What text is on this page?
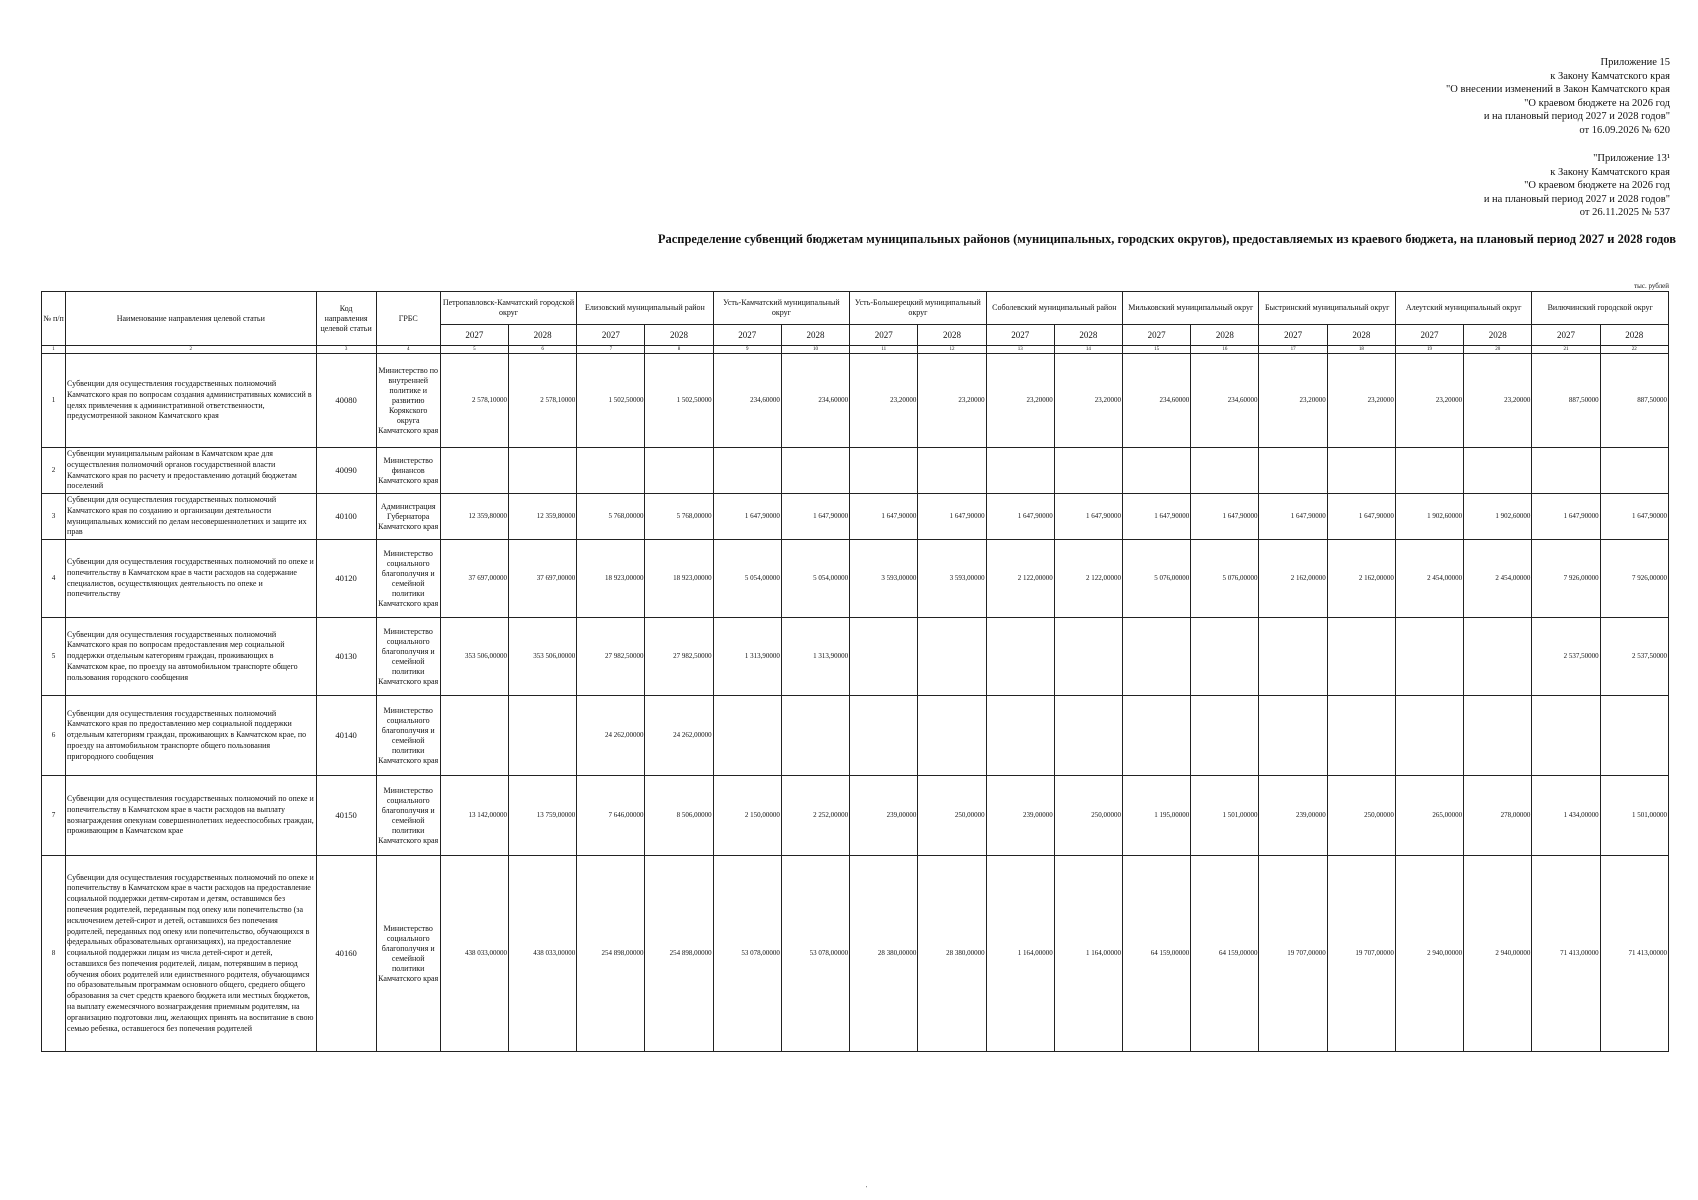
Приложение 15
к Закону Камчатского края
"О внесении изменений в Закон Камчатского края
"О краевом бюджете на 2026 год
и на плановый период 2027 и 2028 годов"
от 16.09.2026 № 620
"Приложение 13¹
к Закону Камчатского края
"О краевом бюджете на 2026 год
и на плановый период 2027 и 2028 годов"
от 26.11.2025 № 537
Распределение субвенций бюджетам муниципальных районов (муниципальных, городских округов), предоставляемых из краевого бюджета, на плановый период 2027 и 2028 годов
тыс. рублей
№ п/п	Наименование направления целевой статьи	Код направления целевой статьи	ГРБС	Петропавловск-Камчатский городской округ		Елизовский муниципальный район		Усть-Камчатский муниципальный округ		Усть-Большерецкий муниципальный округ		Соболевский муниципальный район		Мильковский муниципальный округ		Быстринский муниципальный округ		Алеутский муниципальный округ		Вилючинский городской округ	
				2027	2028	2027	2028	2027	2028	2027	2028	2027	2028	2027	2028	2027	2028	2027	2028	2027	2028
1	2	3	4	5	6	7	8	9	10	11	12	13	14	15	16	17	18	19	20	21	22
1	Субвенции для осуществления государственных полномочий Камчатского края по вопросам создания административных комиссий в целях привлечения к административной ответственности, предусмотренной законом Камчатского края	40080	Министерство по внутренней политике и развитию Корякского округа Камчатского края	2 578,10000	2 578,10000	1 502,50000	1 502,50000	234,60000	234,60000	23,20000	23,20000	23,20000	23,20000	234,60000	234,60000	23,20000	23,20000	23,20000	23,20000	887,50000	887,50000
2	Субвенции муниципальным районам в Камчатском крае для осуществления полномочий органов государственной власти Камчатского края по расчету и предоставлению дотаций бюджетам поселений	40090	Министерство финансов Камчатского края																		
3	Субвенции для осуществления государственных полномочий Камчатского края по созданию и организации деятельности муниципальных комиссий по делам несовершеннолетних и защите их прав	40100	Администрация Губернатора Камчатского края	12 359,80000	12 359,80000	5 768,00000	5 768,00000	1 647,90000	1 647,90000	1 647,90000	1 647,90000	1 647,90000	1 647,90000	1 647,90000	1 647,90000	1 647,90000	1 647,90000	1 902,60000	1 902,60000	1 647,90000	1 647,90000
4	Субвенции для осуществления государственных полномочий по опеке и попечительству в Камчатском крае в части расходов на содержание специалистов, осуществляющих деятельность по опеке и попечительству	40120	Министерство социального благополучия и семейной политики Камчатского края	37 697,00000	37 697,00000	18 923,00000	18 923,00000	5 054,00000	5 054,00000	3 593,00000	3 593,00000	2 122,00000	2 122,00000	5 076,00000	5 076,00000	2 162,00000	2 162,00000	2 454,00000	2 454,00000	7 926,00000	7 926,00000
5	Субвенции для осуществления государственных полномочий Камчатского края по вопросам предоставления мер социальной поддержки отдельным категориям граждан, проживающих в Камчатском крае, по проезду на автомобильном транспорте общего пользования городского сообщения	40130	Министерство социального благополучия и семейной политики Камчатского края	353 506,00000	353 506,00000	27 982,50000	27 982,50000	1 313,90000	1 313,90000											2 537,50000	2 537,50000
6	Субвенции для осуществления государственных полномочий Камчатского края по предоставлению мер социальной поддержки отдельным категориям граждан, проживающих в Камчатском крае, по проезду на автомобильном транспорте общего пользования пригородного сообщения	40140	Министерство социального благополучия и семейной политики Камчатского края			24 262,00000	24 262,00000														
7	Субвенции для осуществления государственных полномочий по опеке и попечительству в Камчатском крае в части расходов на выплату вознаграждения опекунам совершеннолетних недееспособных граждан, проживающим в Камчатском крае	40150	Министерство социального благополучия и семейной политики Камчатского края	13 142,00000	13 759,00000	7 646,00000	8 506,00000	2 150,00000	2 252,00000	239,00000	250,00000	239,00000	250,00000	1 195,00000	1 501,00000	239,00000	250,00000	265,00000	278,00000	1 434,00000	1 501,00000
8	Субвенции для осуществления государственных полномочий по опеке и попечительству в Камчатском крае в части расходов на предоставление социальной поддержки детям-сиротам и детям, оставшимся без попечения родителей, переданным под опеку или попечительство (за исключением детей-сирот и детей, оставшихся без попечения родителей, переданных под опеку или попечительство, обучающихся в федеральных образовательных организациях), на предоставление социальной поддержки лицам из числа детей-сирот и детей, оставшихся без попечения родителей, лицам, потерявшим в период обучения обоих родителей или единственного родителя, обучающимся по образовательным программам основного общего, среднего общего образования за счет средств краевого бюджета или местных бюджетов, на выплату ежемесячного вознаграждения приемным родителям, на организацию подготовки лиц, желающих принять на воспитание в свою семью ребенка, оставшегося без попечения родителей	40160	Министерство социального благополучия и семейной политики Камчатского края	438 033,00000	438 033,00000	254 898,00000	254 898,00000	53 078,00000	53 078,00000	28 380,00000	28 380,00000	1 164,00000	1 164,00000	64 159,00000	64 159,00000	19 707,00000	19 707,00000	2 940,00000	2 940,00000	71 413,00000	71 413,00000
'
